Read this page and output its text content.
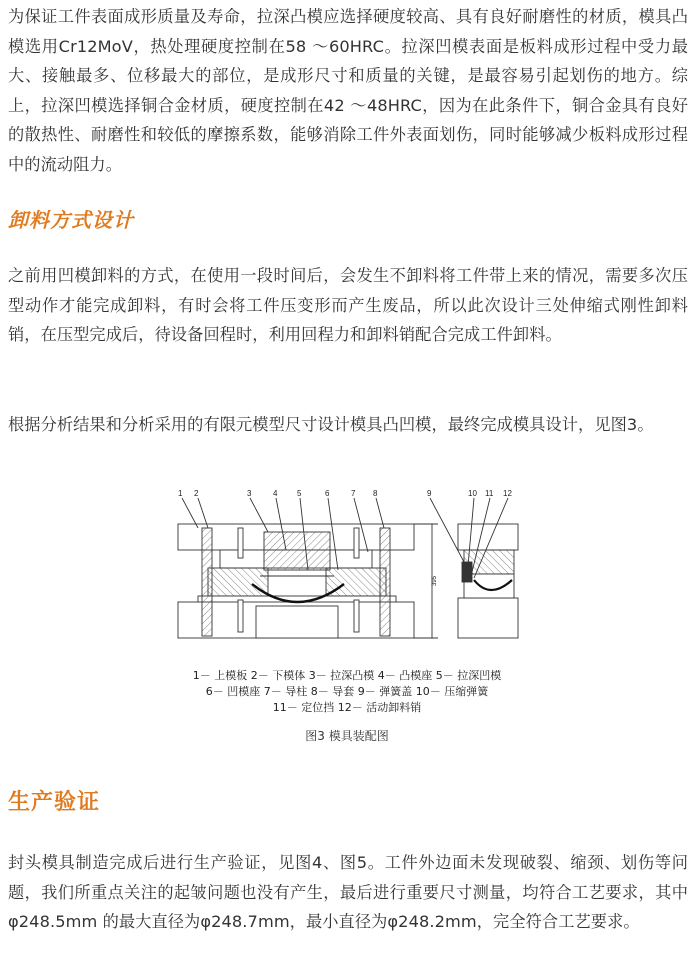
为保证工件表面成形质量及寿命，拉深凸模应选择硬度较高、具有良好耐磨性的材质，模具凸模选用Cr12MoV，热处理硬度控制在58 ～60HRC。拉深凹模表面是板料成形过程中受力最大、接触最多、位移最大的部位，是成形尺寸和质量的关键，是最容易引起划伤的地方。综上，拉深凹模选择铜合金材质，硬度控制在42 ～48HRC，因为在此条件下，铜合金具有良好的散热性、耐磨性和较低的摩擦系数，能够消除工件外表面划伤，同时能够减少板料成形过程中的流动阻力。

卸料方式设计

之前用凹模卸料的方式，在使用一段时间后，会发生不卸料将工件带上来的情况，需要多次压型动作才能完成卸料，有时会将工件压变形而产生废品，所以此次设计三处伸缩式刚性卸料销，在压型完成后，待设备回程时，利用回程力和卸料销配合完成工件卸料。

根据分析结果和分析采用的有限元模型尺寸设计模具凸凹模，最终完成模具设计，见图3。

1 2	3	4 5	6	7 8	9	10 11 12
395
1－ 上模板 2－ 下模体 3－ 拉深凸模 4－ 凸模座 5－ 拉深凹模
6－ 凹模座 7－ 导柱 8－ 导套 9－ 弹簧盖 10－ 压缩弹簧
11－ 定位挡 12－ 活动卸料销
图3 模具装配图
生产验证

封头模具制造完成后进行生产验证，见图4、图5。工件外边面未发现破裂、缩颈、划伤等问题，我们所重点关注的起皱问题也没有产生，最后进行重要尺寸测量，均符合工艺要求，其中φ248.5mm 的最大直径为φ248.7mm，最小直径为φ248.2mm，完全符合工艺要求。
